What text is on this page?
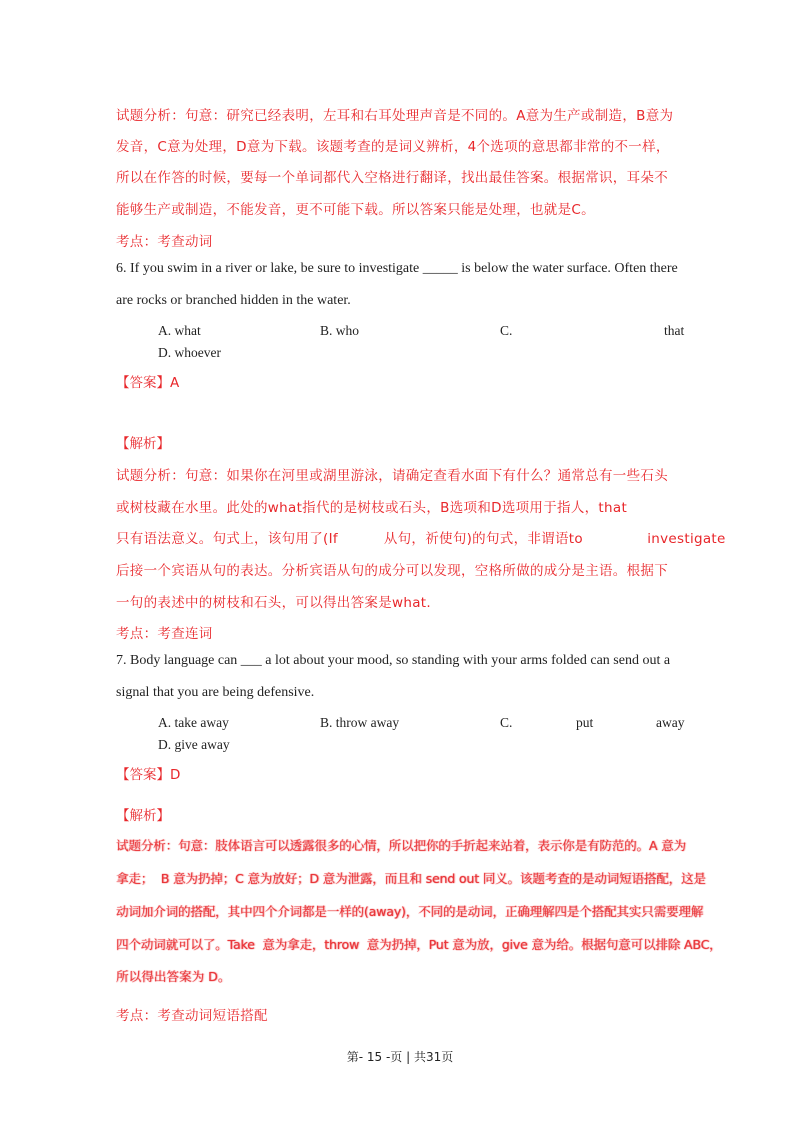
试题分析：句意：研究已经表明，左耳和右耳处理声音是不同的。A意为生产或制造，B意为
发音，C意为处理，D意为下载。该题考查的是词义辨析，4个选项的意思都非常的不一样，
所以在作答的时候，要每一个单词都代入空格进行翻译，找出最佳答案。根据常识，耳朵不
能够生产或制造，不能发音，更不可能下载。所以答案只能是处理，也就是C。
考点：考查动词
6. If you swim in a river or lake, be sure to investigate _____ is below the water surface. Often there
are rocks or branched hidden in the water.
A. what	B. who	C.	that
D. whoever
【答案】A
【解析】
试题分析：句意：如果你在河里或湖里游泳，请确定查看水面下有什么？通常总有一些石头
或树枝藏在水里。此处的what指代的是树枝或石头，B选项和D选项用于指人，that
只有语法意义。句式上，该句用了(If          从句，祈使句)的句式，非谓语to              investigate
后接一个宾语从句的表达。分析宾语从句的成分可以发现，空格所做的成分是主语。根据下
一句的表述中的树枝和石头，可以得出答案是what.
考点：考查连词
7. Body language can ___ a lot about your mood, so standing with your arms folded can send out a
signal that you are being defensive.
A. take away	B. throw away	C.	put	away
D. give away
【答案】D
【解析】
试题分析：句意：肢体语言可以透露很多的心情，所以把你的手折起来站着，表示你是有防范的。A 意为
拿走；  B 意为扔掉；C 意为放好；D 意为泄露，而且和 send out 同义。该题考查的是动词短语搭配，这是
动词加介词的搭配，其中四个介词都是一样的(away)，不同的是动词，正确理解四是个搭配其实只需要理解
四个动词就可以了。Take  意为拿走，throw  意为扔掉，Put 意为放，give 意为给。根据句意可以排除 ABC，
所以得出答案为 D。
考点：考查动词短语搭配
第- 15 -页 | 共31页
